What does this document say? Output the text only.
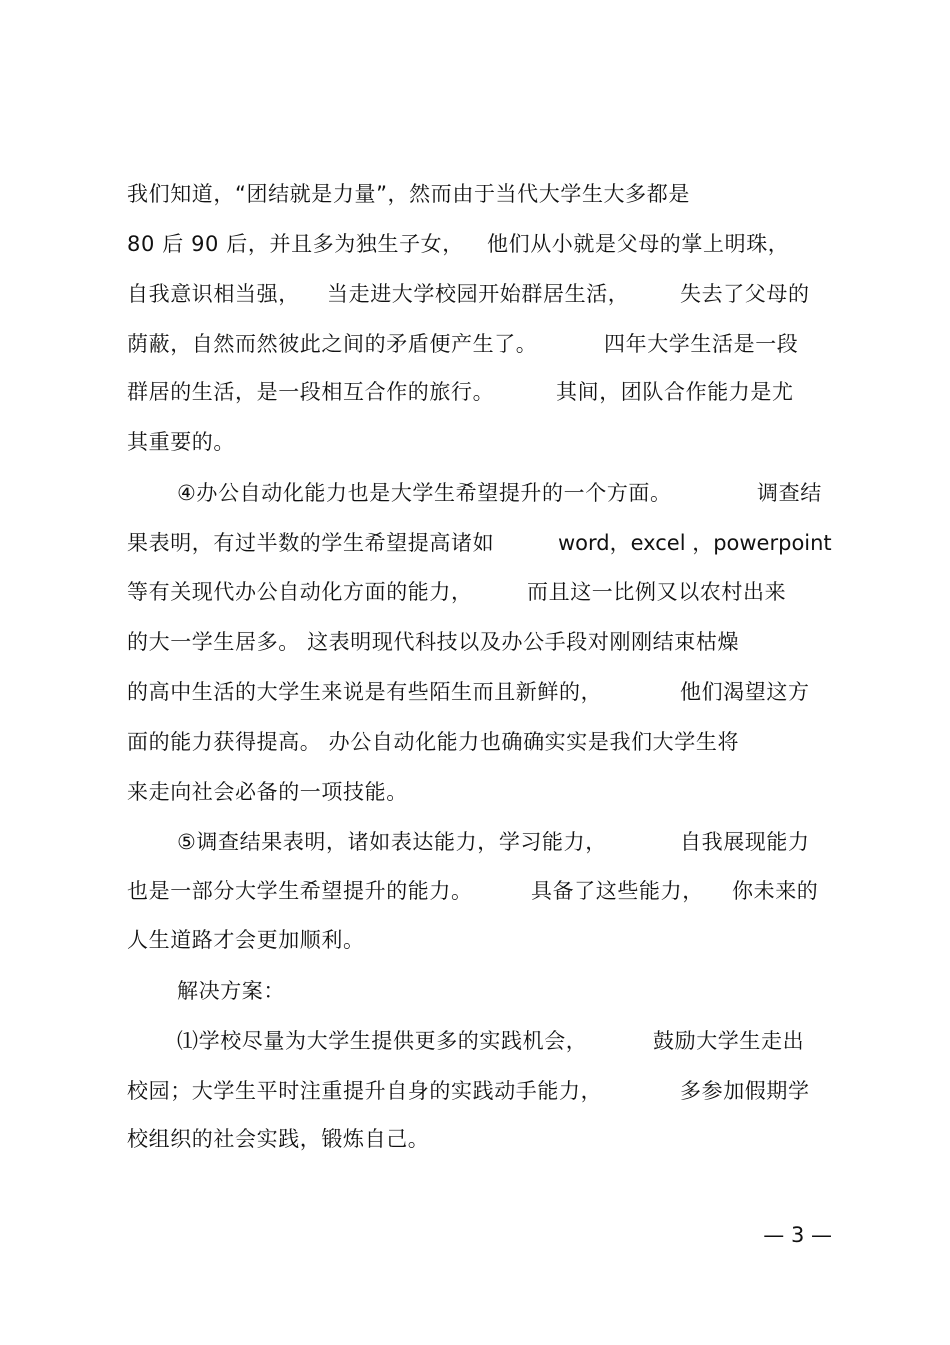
我们知道，“团结就是力量”，然而由于当代大学生大多都是
80 后 90 后，并且多为独生子女， 他们从小就是父母的掌上明珠，
自我意识相当强， 当走进大学校园开始群居生活， 失去了父母的
荫蔽，自然而然彼此之间的矛盾便产生了。	四年大学生活是一段
群居的生活，是一段相互合作的旅行。	其间，团队合作能力是尤
其重要的。
④办公自动化能力也是大学生希望提升的一个方面。	调查结
果表明，有过半数的学生希望提高诸如	word，excel ，powerpoint
等有关现代办公自动化方面的能力，	而且这一比例又以农村出来
的大一学生居多。 这表明现代科技以及办公手段对刚刚结束枯燥
的高中生活的大学生来说是有些陌生而且新鲜的，	他们渴望这方
面的能力获得提高。 办公自动化能力也确确实实是我们大学生将
来走向社会必备的一项技能。
⑤调查结果表明，诸如表达能力，学习能力，	自我展现能力
也是一部分大学生希望提升的能力。	具备了这些能力， 你未来的
人生道路才会更加顺利。
解决方案：
⑴学校尽量为大学生提供更多的实践机会，	鼓励大学生走出
校园；大学生平时注重提升自身的实践动手能力，	多参加假期学
校组织的社会实践，锻炼自己。
— 3 —
